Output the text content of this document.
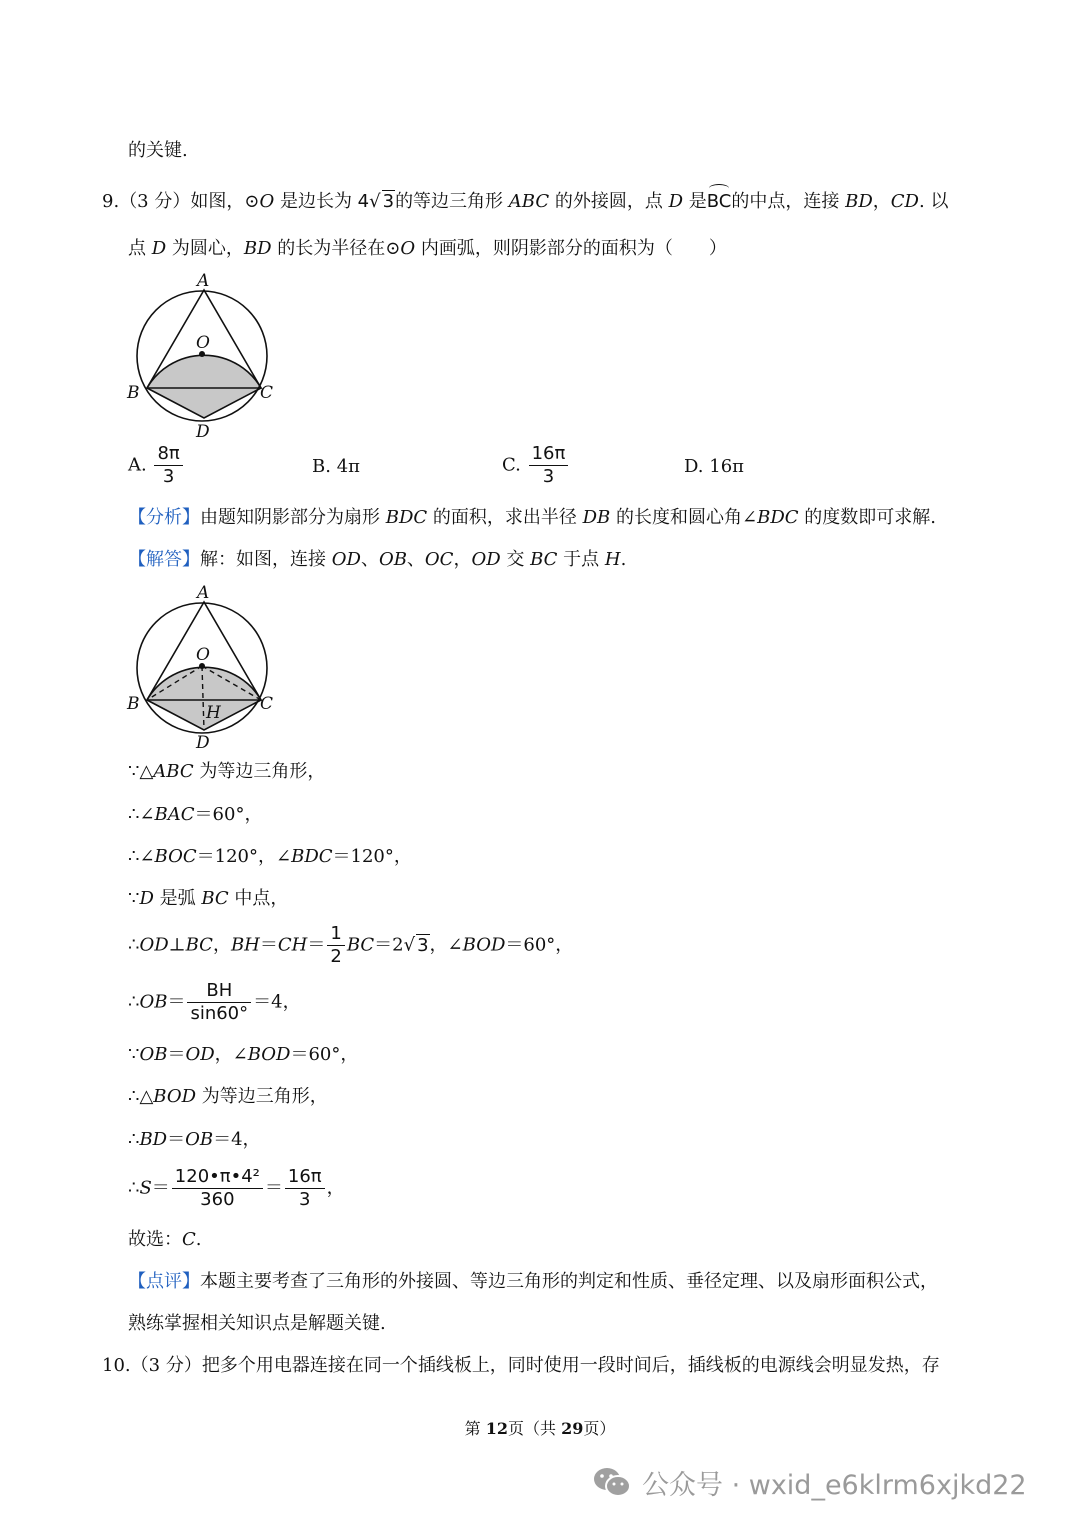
的关键.
9.（3 分）如图，⊙O 是边长为 4√ 3的等边三角形 ABC 的外接圆，点 D 是BC的中点，连接 BD，CD. 以
点 D 为圆心，BD 的长为半径在⊙O 内画弧，则阴影部分的面积为（　　）
A
O
B	C
D
A. $\frac{8\pi}{3}$	B. 4π	C. $\frac{16\pi}{3}$	D. 16π
【分析】由题知阴影部分为扇形 BDC 的面积，求出半径 DB 的长度和圆心角∠BDC 的度数即可求解.
【解答】解：如图，连接 OD、OB、OC，OD 交 BC 于点 H.
A
O
B	C
H
D
∵△ABC 为等边三角形，
∴∠BAC＝60°，
∴∠BOC＝120°，∠BDC＝120°，
∵D 是弧 BC 中点，
∴OD⊥BC，$BH=CH= \frac{1}{2} BC=2√$ 3，∠BOD＝60°，
∴OB＝ $\frac{BH}{\sin 60^\circ} =4$，
∵OB＝OD，∠BOD＝60°，
∴△BOD 为等边三角形，
∴BD＝OB＝4，
∴S＝ $\frac{\text{120•π•4²}}{360} = \frac{16\pi}{3}$ ，
故选：C.
【点评】本题主要考查了三角形的外接圆、等边三角形的判定和性质、垂径定理、以及扇形面积公式，
熟练掌握相关知识点是解题关键.
10.（3 分）把多个用电器连接在同一个插线板上，同时使用一段时间后，插线板的电源线会明显发热，存
第 12页（共 29页）
公众号 · wxid_e6klrm6xjkd22
